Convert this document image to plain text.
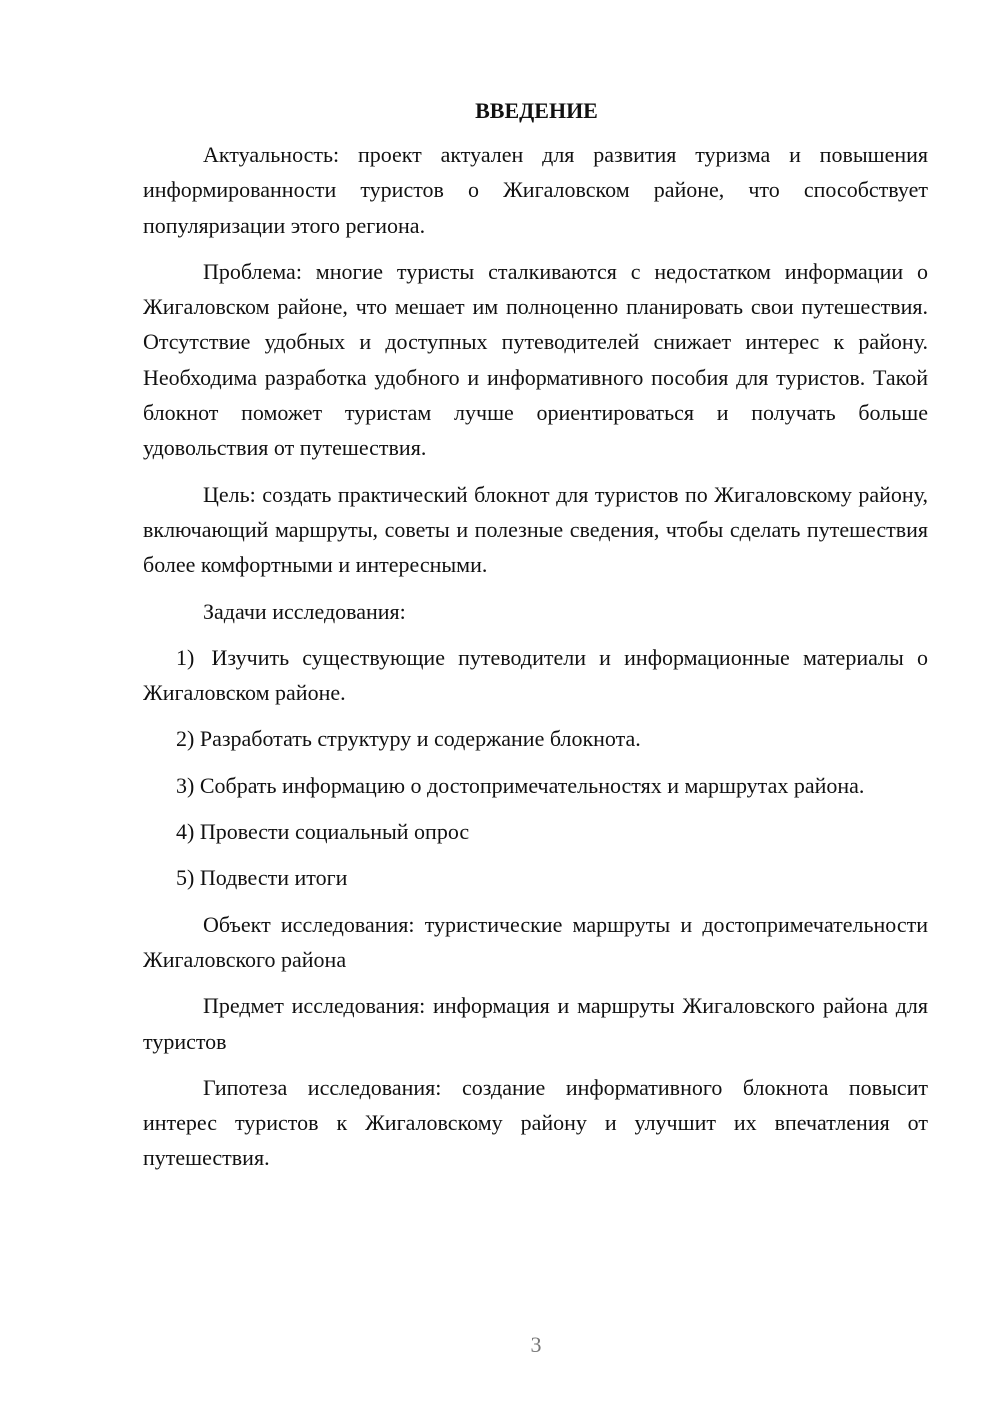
ВВЕДЕНИЕ

Актуальность: проект актуален для развития туризма и повышения информированности туристов о Жигаловском районе, что способствует популяризации этого региона.

Проблема: многие туристы сталкиваются с недостатком информации о Жигаловском районе, что мешает им полноценно планировать свои путешествия. Отсутствие удобных и доступных путеводителей снижает интерес к району. Необходима разработка удобного и информативного пособия для туристов. Такой блокнот поможет туристам лучше ориентироваться и получать больше удовольствия от путешествия.

Цель: создать практический блокнот для туристов по Жигаловскому району, включающий маршруты, советы и полезные сведения, чтобы сделать путешествия более комфортными и интересными.

Задачи исследования:

1) Изучить существующие путеводители и информационные материалы о Жигаловском районе.

2) Разработать структуру и содержание блокнота.

3) Собрать информацию о достопримечательностях и маршрутах района.

4) Провести социальный опрос

5) Подвести итоги

Объект исследования: туристические маршруты и достопримечательности Жигаловского района

Предмет исследования: информация и маршруты Жигаловского района для туристов

Гипотеза исследования: создание информативного блокнота повысит интерес туристов к Жигаловскому району и улучшит их впечатления от путешествия.

3
